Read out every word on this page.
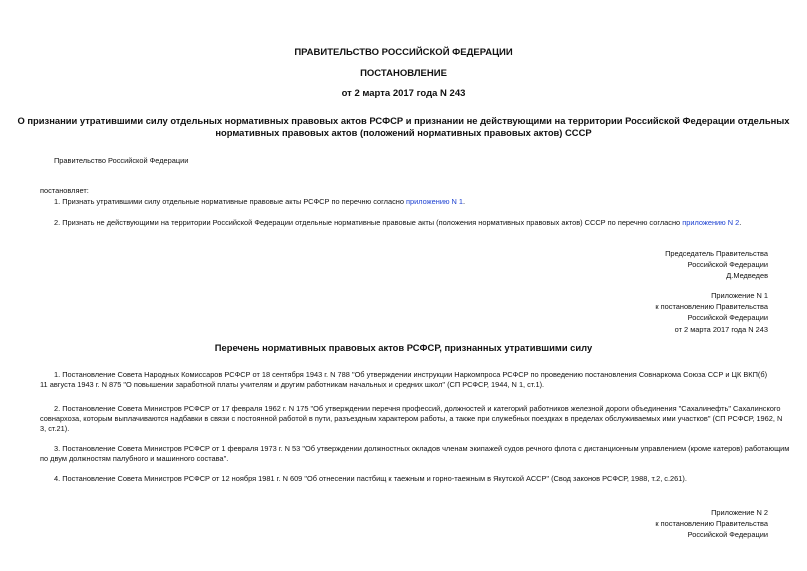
ПРАВИТЕЛЬСТВО РОССИЙСКОЙ ФЕДЕРАЦИИ
ПОСТАНОВЛЕНИЕ
от 2 марта 2017 года N 243
О признании утратившими силу отдельных нормативных правовых актов РСФСР и признании не действующими на территории Российской Федерации отдельных
нормативных правовых актов (положений нормативных правовых актов) СССР
Правительство Российской Федерации
постановляет:
1. Признать утратившими силу отдельные нормативные правовые акты РСФСР по перечню согласно приложению N 1.
2. Признать не действующими на территории Российской Федерации отдельные нормативные правовые акты (положения нормативных правовых актов) СССР по перечню согласно приложению N 2.
Председатель Правительства
Российской Федерации
Д.Медведев
Приложение N 1
к постановлению Правительства
Российской Федерации
от 2 марта 2017 года N 243
Перечень нормативных правовых актов РСФСР, признанных утратившими силу
1. Постановление Совета Народных Комиссаров РСФСР от 18 сентября 1943 г. N 788 "Об утверждении инструкции Наркомпроса РСФСР по проведению постановления Совнаркома Союза ССР и ЦК ВКП(б)
11 августа 1943 г. N 875 "О повышении заработной платы учителям и другим работникам начальных и средних школ" (СП РСФСР, 1944, N 1, ст.1).
2. Постановление Совета Министров РСФСР от 17 февраля 1962 г. N 175 "Об утверждении перечня профессий, должностей и категорий работников железной дороги объединения "Сахалинефть" Сахалинского
совнархоза, которым выплачиваются надбавки в связи с постоянной работой в пути, разъездным характером работы, а также при служебных поездках в пределах обслуживаемых ими участков" (СП РСФСР, 1962, N
3, ст.21).
3. Постановление Совета Министров РСФСР от 1 февраля 1973 г. N 53 "Об утверждении должностных окладов членам экипажей судов речного флота с дистанционным управлением (кроме катеров) работающим
по двум должностям палубного и машинного состава".
4. Постановление Совета Министров РСФСР от 12 ноября 1981 г. N 609 "Об отнесении пастбищ к таежным и горно-таежным в Якутской АССР" (Свод законов РСФСР, 1988, т.2, с.261).
Приложение N 2
к постановлению Правительства
Российской Федерации
